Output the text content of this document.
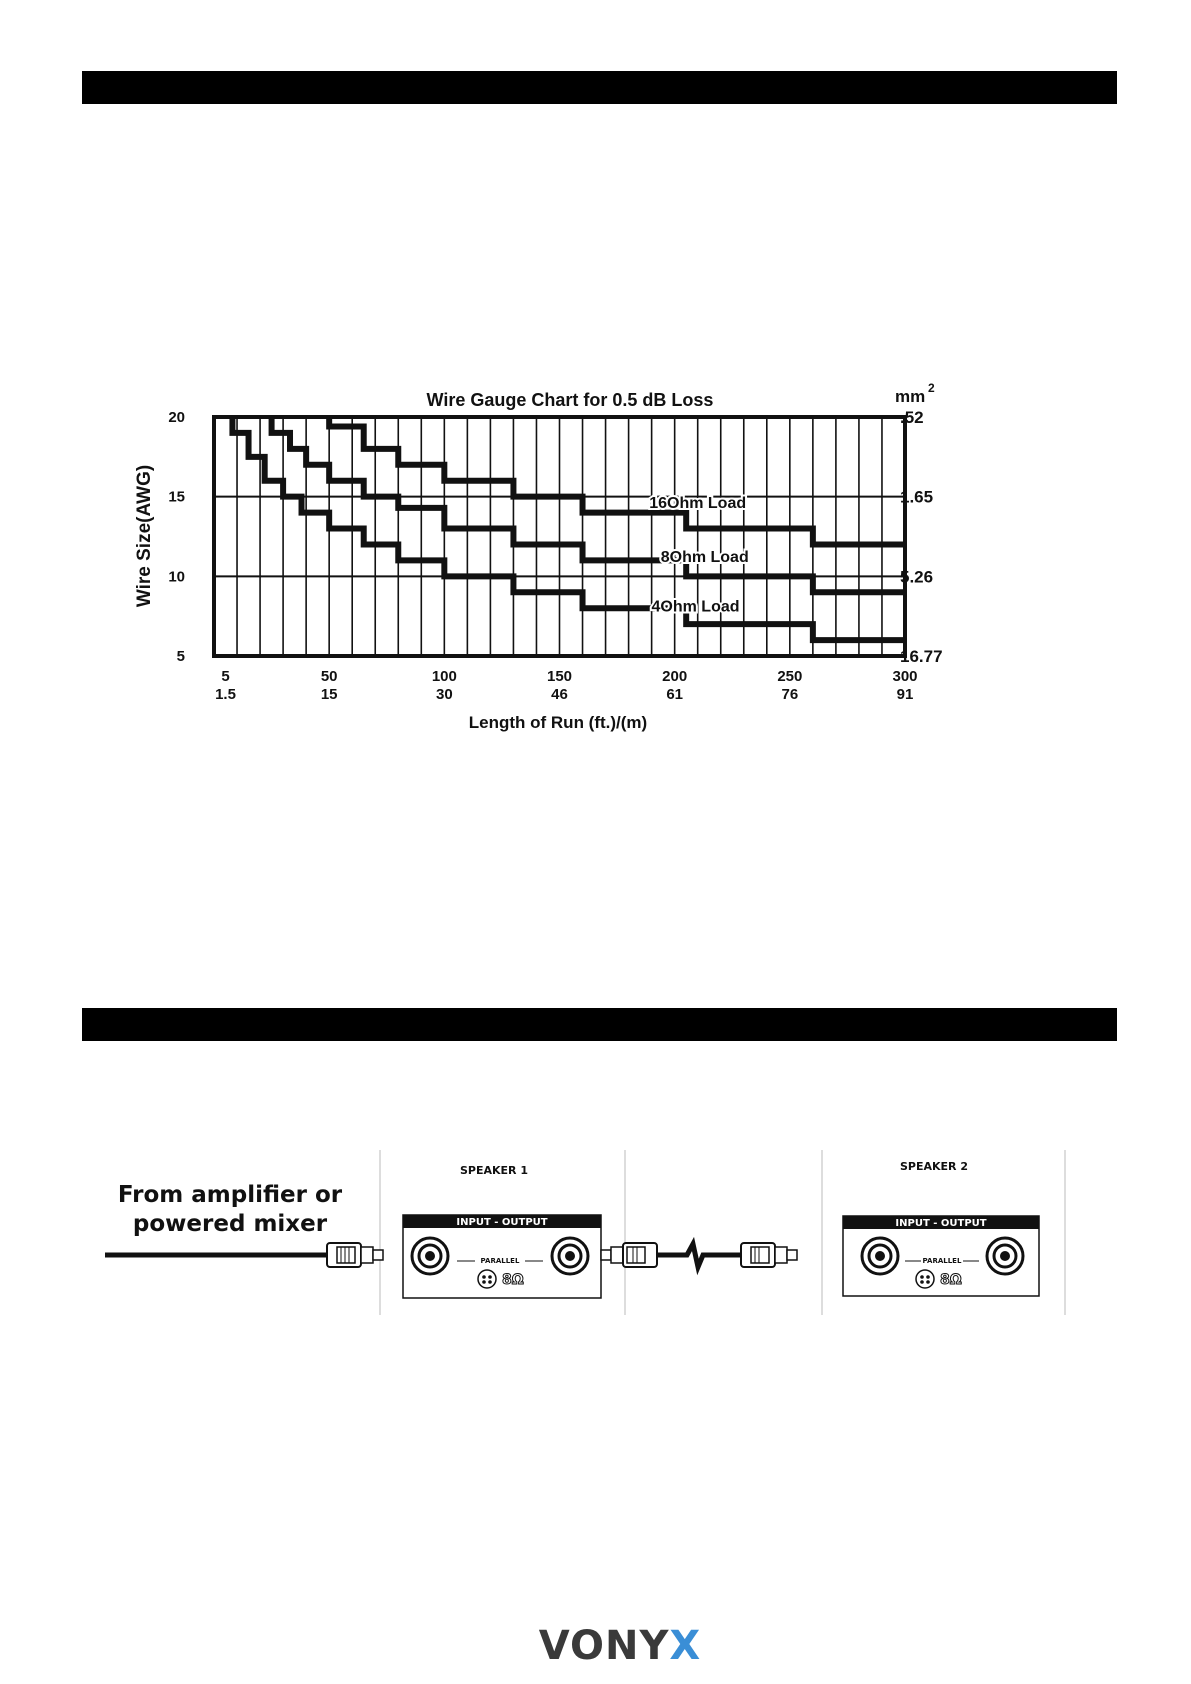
16Ohm Load
8Ohm Load
4Ohm Load
Wire Gauge Chart for 0.5 dB Loss	mm 2
20
15
10
5
.52
1.65
5.26
16.77
5
1.5
50
15
100
30
150
46
200
61
250
76
300
91
Length of Run (ft.)/(m)
Wire Size(AWG)
From amplifier or
powered mixer	INPUT - OUTPUT
PARALLEL
8Ω
INPUT - OUTPUT
PARALLEL
8Ω
SPEAKER 1	SPEAKER 2
VONYX
